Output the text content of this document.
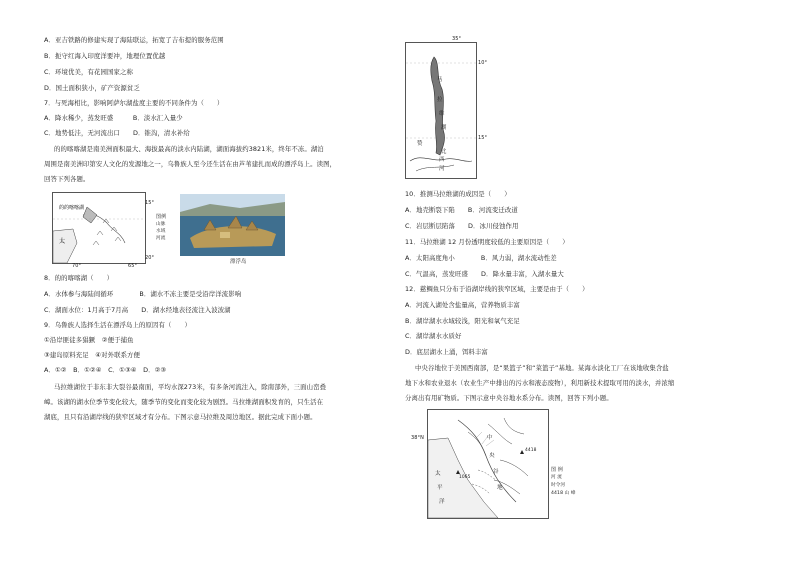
A．亚吉铁路的修建实现了海陆联运，拓宽了吉布提的服务范围
B．扼守红海入印度洋要冲，地理位置优越
C．环境优美，有花园国家之称
D．国土面积狭小，矿产资源贫乏
7．与死海相比，影响阿萨尔湖盐度主要的不同条件为（　　）
A．降水稀少，蒸发旺盛　　　B．淡水汇入量少
C．地势低洼，无河流出口　　D．锥沟，清水补给
的的喀喀湖是南美洲面积最大、海拔最高的淡水内陆湖，湖面海拔约3821米，终年不冻。湖泊
周围是南美洲印第安人文化的发源地之一，乌鲁族人至今还生活在由芦苇建扎而成的漂浮岛上。读图，
回答下列各题。
的的喀喀湖
太
15°
20°
70°	65°
图例
山脉
水域
河流
漂浮岛
8．的的喀喀湖（　　）
A．水体参与海陆间循环　　　　B．湖水不冻主要是受沿岸洋流影响
C．湖面水位：1月高于7月高　　D．湖水经地表径流注入波波湖
9．乌鲁族人选择生活在漂浮岛上的原因有（　　）
①沿岸匪徒多猖獗　②便于捕鱼
③建岛原料充足　④对外联系方便
A．①②　B．①②④　C．①③④　D．②③
马拉维湖位于非东非大裂谷最南面，平均水深273米，有多条河流注入，除南部外，三面山峦叠
嶂。该湖的湖水位季节变化较大，随季节的变化而变化较为剧烈。马拉维湖面积发育的，只生活在
湖底，且只有沿湖岸线的狭窄区域才有分布。下图示意马拉维及周边地区。据此完成下面小题。
35°
10°
15°
马
拉
维
湖
赞
比
西
河
10．推测马拉维湖的成因是（　　）
A．地壳断裂下陷　　B．河流变迁改道
C．岩层断层陷落　　D．冰川侵蚀作用
11．马拉维湖 12 月份透明度较低的主要原因是（　　）
A．太阳高度角小　　　　B．风力弱，湖水流动性差
C．气温高，蒸发旺盛　　D．降水量丰富，入湖水量大
12．慈鲷鱼只分布于沿湖岸线的狭窄区域，主要是由于（　　）
A．河流入湖处含盐量高，营养物质丰富
B．湖岸湖水水域较浅，阳光和氧气充足
C．湖岸湖水水质好
D．底层湖水上涌，饵料丰富
中央谷地位于美国西南部，是“果篮子”和“菜篮子”基地。某海水淡化工厂在该地收集含盐
地下水和农业退水（农业生产中排出的污水和液态废物），利用新技术提取可用的淡水，并浓缩
分离出有用矿物质。下图示意中央谷地水系分布。读图，回答下列小题。
38°N
太
平
洋
中
央
谷
地
4418
1065
图 例
河 流
时令河
4418 山 峰
